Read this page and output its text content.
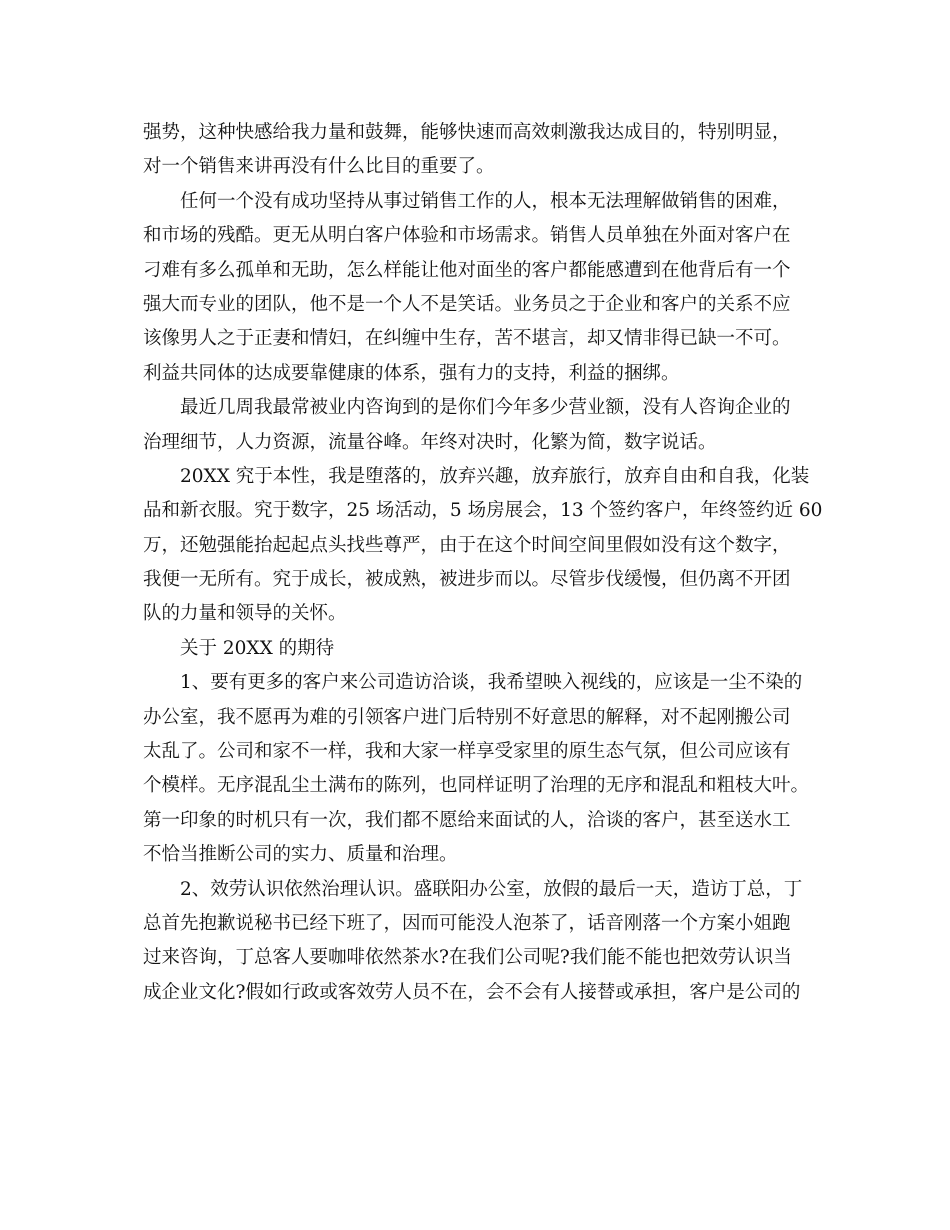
强势，这种快感给我力量和鼓舞，能够快速而高效刺激我达成目的，特别明显，
对一个销售来讲再没有什么比目的重要了。
任何一个没有成功坚持从事过销售工作的人，根本无法理解做销售的困难，
和市场的残酷。更无从明白客户体验和市场需求。销售人员单独在外面对客户在
刁难有多么孤单和无助，怎么样能让他对面坐的客户都能感遭到在他背后有一个
强大而专业的团队，他不是一个人不是笑话。业务员之于企业和客户的关系不应
该像男人之于正妻和情妇，在纠缠中生存，苦不堪言，却又情非得已缺一不可。
利益共同体的达成要靠健康的体系，强有力的支持，利益的捆绑。
最近几周我最常被业内咨询到的是你们今年多少营业额，没有人咨询企业的
治理细节，人力资源，流量谷峰。年终对决时，化繁为简，数字说话。
20XX 究于本性，我是堕落的，放弃兴趣，放弃旅行，放弃自由和自我，化装
品和新衣服。究于数字，25 场活动，5 场房展会，13 个签约客户，年终签约近 60
万，还勉强能抬起起点头找些尊严，由于在这个时间空间里假如没有这个数字，
我便一无所有。究于成长，被成熟，被进步而以。尽管步伐缓慢，但仍离不开团
队的力量和领导的关怀。
关于 20XX 的期待
1、要有更多的客户来公司造访洽谈，我希望映入视线的，应该是一尘不染的
办公室，我不愿再为难的引领客户进门后特别不好意思的解释，对不起刚搬公司
太乱了。公司和家不一样，我和大家一样享受家里的原生态气氛，但公司应该有
个模样。无序混乱尘土满布的陈列，也同样证明了治理的无序和混乱和粗枝大叶。
第一印象的时机只有一次，我们都不愿给来面试的人，洽谈的客户，甚至送水工
不恰当推断公司的实力、质量和治理。
2、效劳认识依然治理认识。盛联阳办公室，放假的最后一天，造访丁总，丁
总首先抱歉说秘书已经下班了，因而可能没人泡茶了，话音刚落一个方案小姐跑
过来咨询，丁总客人要咖啡依然茶水?在我们公司呢?我们能不能也把效劳认识当
成企业文化?假如行政或客效劳人员不在，会不会有人接替或承担，客户是公司的
